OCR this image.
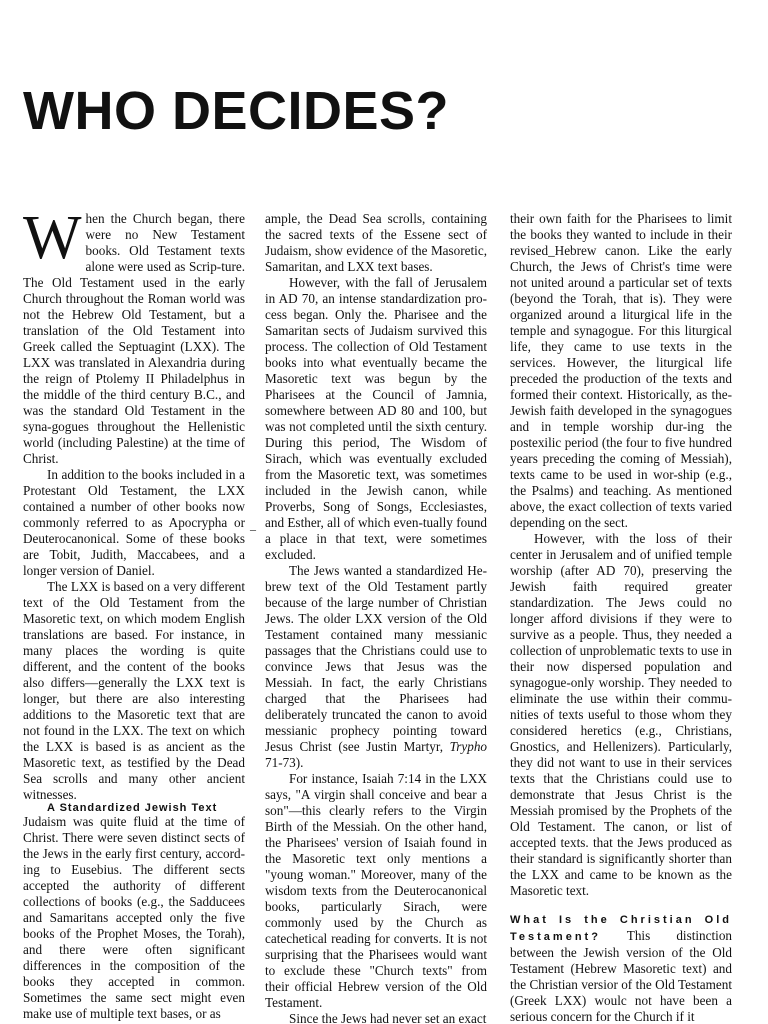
WHO DECIDES?

When the Church began, there were no New Testament books. Old Testament texts alone were used as Scrip-ture. The Old Testament used in the early Church throughout the Roman world was not the Hebrew Old Testament, but a translation of the Old Testament into Greek called the Septuagint (LXX). The LXX was translated in Alexandria during the reign of Ptolemy II Philadelphus in the middle of the third century B.C., and was the standard Old Testament in the syna-gogues throughout the Hellenistic world (including Palestine) at the time of Christ.

In addition to the books included in a Protestant Old Testament, the LXX contained a number of other books now commonly referred to as Apocrypha or Deuterocanonical. Some of these books are Tobit, Judith, Maccabees, and a longer version of Daniel.

The LXX is based on a very different text of the Old Testament from the Masoretic text, on which modem English translations are based. For instance, in many places the wording is quite different, and the content of the books also differs—generally the LXX text is longer, but there are also interesting additions to the Masoretic text that are not found in the LXX. The text on which the LXX is based is as ancient as the Masoretic text, as testified by the Dead Sea scrolls and many other ancient witnesses.

A Standardized Jewish Text

Judaism was quite fluid at the time of Christ. There were seven distinct sects of the Jews in the early first century, accord-ing to Eusebius. The different sects accepted the authority of different collections of books (e.g., the Sadducees and Samaritans accepted only the five books of the Prophet Moses, the Torah), and there were often significant differences in the composition of the books they accepted in common. Sometimes the same sect might even make use of multiple text bases, or as

ample, the Dead Sea scrolls, containing the sacred texts of the Essene sect of Judaism, show evidence of the Masoretic, Samaritan, and LXX text bases.

However, with the fall of Jerusalem in AD 70, an intense standardization pro-cess began. Only the. Pharisee and the Samaritan sects of Judaism survived this process. The collection of Old Testament books into what eventually became the Masoretic text was begun by the Pharisees at the Council of Jamnia, somewhere between AD 80 and 100, but was not completed until the sixth century. During this period, The Wisdom of Sirach, which was eventually excluded from the Masoretic text, was sometimes included in the Jewish canon, while Proverbs, Song of Songs, Ecclesiastes, and Esther, all of which even-tually found a place in that text, were sometimes excluded.

The Jews wanted a standardized He-brew text of the Old Testament partly because of the large number of Christian Jews. The older LXX version of the Old Testament contained many messianic passages that the Christians could use to convince Jews that Jesus was the Messiah. In fact, the early Christians charged that the Pharisees had deliberately truncated the canon to avoid messianic prophecy pointing toward Jesus Christ (see Justin Martyr, Trypho 71-73).

For instance, Isaiah 7:14 in the LXX says, "A virgin shall conceive and bear a son"—this clearly refers to the Virgin Birth of the Messiah. On the other hand, the Pharisees' version of Isaiah found in the Masoretic text only mentions a "young woman." Moreover, many of the wisdom texts from the Deuterocanonical books, particularly Sirach, were commonly used by the Church as catechetical reading for converts. It is not surprising that the Pharisees would want to exclude these "Church texts" from their official Hebrew version of the Old Testament.

Since the Jews had never set an exact

–

their own faith for the Pharisees to limit the books they wanted to include in their revised_Hebrew canon. Like the early Church, the Jews of Christ's time were not united around a particular set of texts (beyond the Torah, that is). They were organized around a liturgical life in the temple and synagogue. For this liturgical life, they came to use texts in the services. However, the liturgical life preceded the production of the texts and formed their context. Historically, as the-Jewish faith developed in the synagogues and in temple worship dur-ing the postexilic period (the four to five hundred years preceding the coming of Messiah), texts came to be used in wor-ship (e.g., the Psalms) and teaching. As mentioned above, the exact collection of texts varied depending on the sect.

However, with the loss of their center in Jerusalem and of unified temple worship (after AD 70), preserving the Jewish faith required greater standardization. The Jews could no longer afford divisions if they were to survive as a people. Thus, they needed a collection of unproblematic texts to use in their now dispersed population and synagogue-only worship. They needed to eliminate the use within their commu-nities of texts useful to those whom they considered heretics (e.g., Christians, Gnostics, and Hellenizers). Particularly, they did not want to use in their services texts that the Christians could use to demonstrate that Jesus Christ is the Messiah promised by the Prophets of the Old Testament. The canon, or list of accepted texts. that the Jews produced as their standard is significantly shorter than the LXX and came to be known as the Masoretic text.

What Is the Christian Old Testament? This distinction between the Jewish version of the Old Testament (Hebrew Masoretic text) and the Christian versior of the Old Testament (Greek LXX) woulc not have been a serious concern for the Church if it
